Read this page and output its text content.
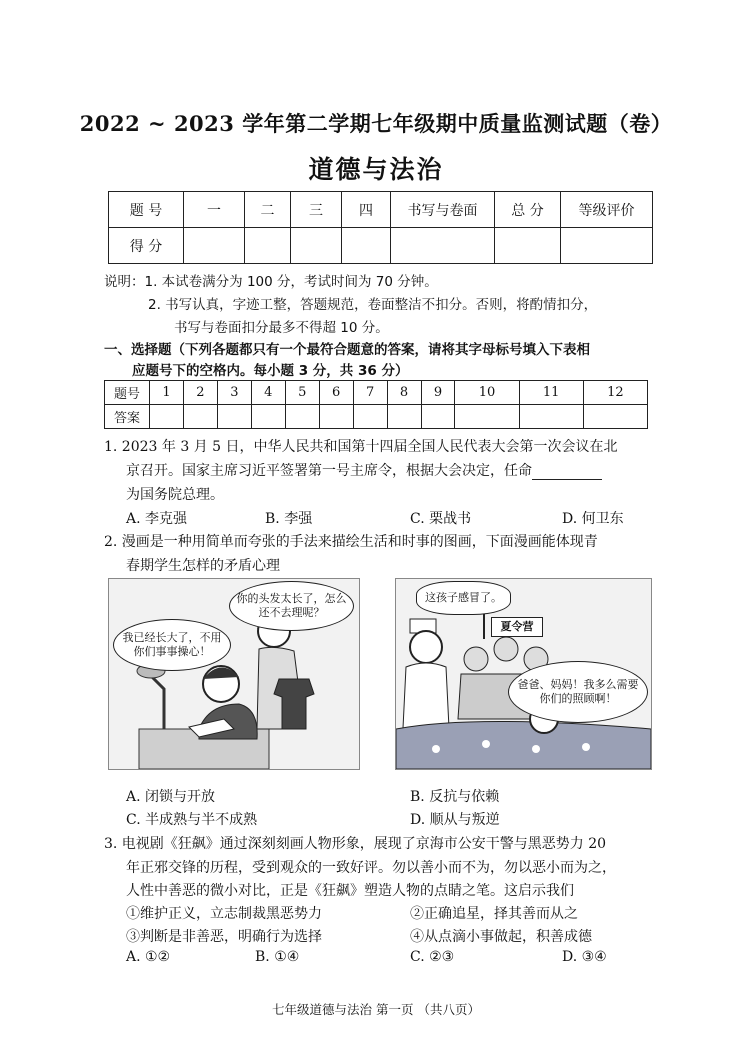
2022 ~ 2023 学年第二学期七年级期中质量监测试题（卷）
道德与法治
题 号	一	二	三	四	书写与卷面	总 分	等级评价
得 分							
说明：1. 本试卷满分为 100 分，考试时间为 70 分钟。
2. 书写认真，字迹工整，答题规范，卷面整洁不扣分。否则，将酌情扣分，
书写与卷面扣分最多不得超 10 分。
一、选择题（下列各题都只有一个最符合题意的答案，请将其字母标号填入下表相
应题号下的空格内。每小题 3 分，共 36 分）
题号	1	2	3	4	5	6	7	8	9	10	11	12
答案												
1. 2023 年 3 月 5 日，中华人民共和国第十四届全国人民代表大会第一次会议在北
京召开。国家主席习近平签署第一号主席令，根据大会决定，任命
为国务院总理。
A. 李克强	B. 李强	C. 栗战书	D. 何卫东
2. 漫画是一种用简单而夸张的手法来描绘生活和时事的图画，下面漫画能体现青
春期学生怎样的矛盾心理
你的头发太长了，怎么还不去理呢？
我已经长大了，不用你们事事操心！
这孩子感冒了。
夏令营
爸爸、妈妈！我多么需要你们的照顾啊！
A. 闭锁与开放	B. 反抗与依赖
C. 半成熟与半不成熟	D. 顺从与叛逆
3. 电视剧《狂飙》通过深刻刻画人物形象，展现了京海市公安干警与黑恶势力 20
年正邪交锋的历程，受到观众的一致好评。勿以善小而不为，勿以恶小而为之，
人性中善恶的微小对比，正是《狂飙》塑造人物的点睛之笔。这启示我们
①维护正义，立志制裁黑恶势力	②正确追星，择其善而从之
③判断是非善恶，明确行为选择	④从点滴小事做起，积善成德
A. ①②	B. ①④	C. ②③	D. ③④
七年级道德与法治 第一页 （共八页）
